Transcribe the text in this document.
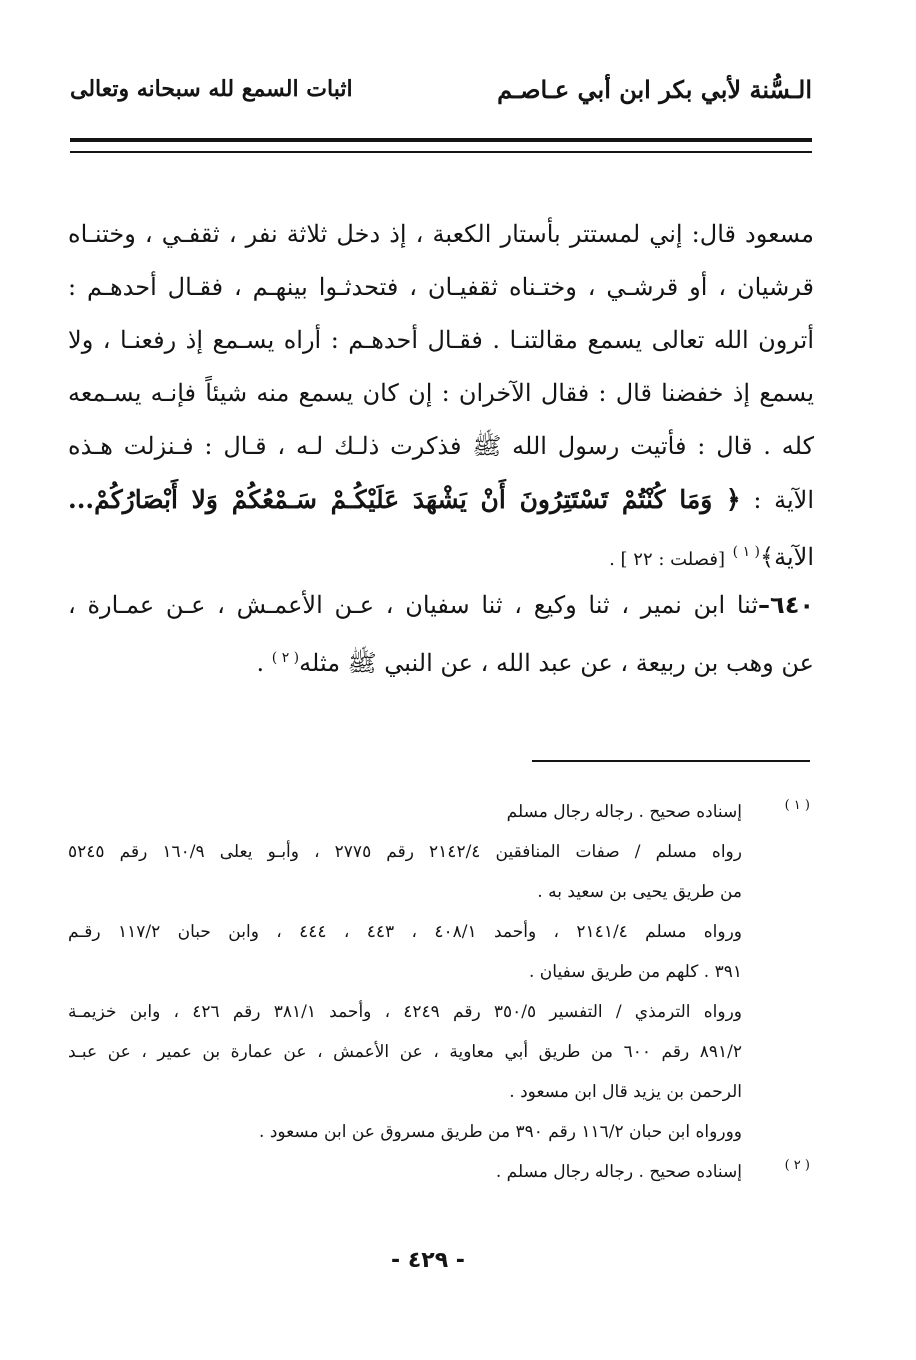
الـسُّنة لأبي بكر ابن أبي عـاصـم
اثبات السمع لله سبحانه وتعالى
مسعود قال: إني لمستتر بأستار الكعبة ، إذ دخل ثلاثة نفر ، ثقفـي ، وختنـاه
قرشيان ، أو قرشـي ، وختـناه ثقفيـان ، فتحدثـوا بينهـم ، فقـال أحدهـم :
أترون الله تعالى يسمع مقالتنـا . فقـال أحدهـم : أراه يسـمع إذ رفعنـا ، ولا
يسمع إذ خفضنا قال : فقال الآخران : إن كان يسمع منه شيئاً فإنـه يسـمعه
كله . قال : فأتيت رسول الله ﷺ فذكرت ذلـك لـه ، قـال : فـنزلت هـذه
الآية : ﴿ وَمَا كُنْتُمْ تَسْتَتِرُونَ أَنْ يَشْهَدَ عَلَيْكُـمْ سَـمْعُكُمْ وَلا أَبْصَارُكُمْ...
الآية﴾$^{( ١ )}$ [فصلت : ٢٢ ] .
٦٤٠–ثنا ابن نمير ، ثنا وكيع ، ثنا سفيان ، عـن الأعمـش ، عـن عمـارة ،
عن وهب بن ربيعة ، عن عبد الله ، عن النبي ﷺ مثله$^{( ٢ )}$ .
( ١ )
إسناده صحيح . رجاله رجال مسلم
رواه مسلم / صفات المنافقين ٢١٤٢/٤ رقم ٢٧٧٥ ، وأبـو يعلى ١٦٠/٩ رقم ٥٢٤٥
من طريق يحيى بن سعيد به .
ورواه مسلم ٢١٤١/٤ ، وأحمد ٤٠٨/١ ، ٤٤٣ ، ٤٤٤ ، وابن حبان ١١٧/٢ رقـم
٣٩١ . كلهم من طريق سفيان .
ورواه الترمذي / التفسير ٣٥٠/٥ رقم ٤٢٤٩ ، وأحمد ٣٨١/١ رقم ٤٢٦ ، وابن خزيمـة
٨٩١/٢ رقم ٦٠٠ من طريق أبي معاوية ، عن الأعمش ، عن عمارة بن عمير ، عن عبـد
الرحمن بن يزيد قال ابن مسعود .
وورواه ابن حبان ١١٦/٢ رقم ٣٩٠ من طريق مسروق عن ابن مسعود .
( ٢ )
إسناده صحيح . رجاله رجال مسلم .
- ٤٢٩ -
